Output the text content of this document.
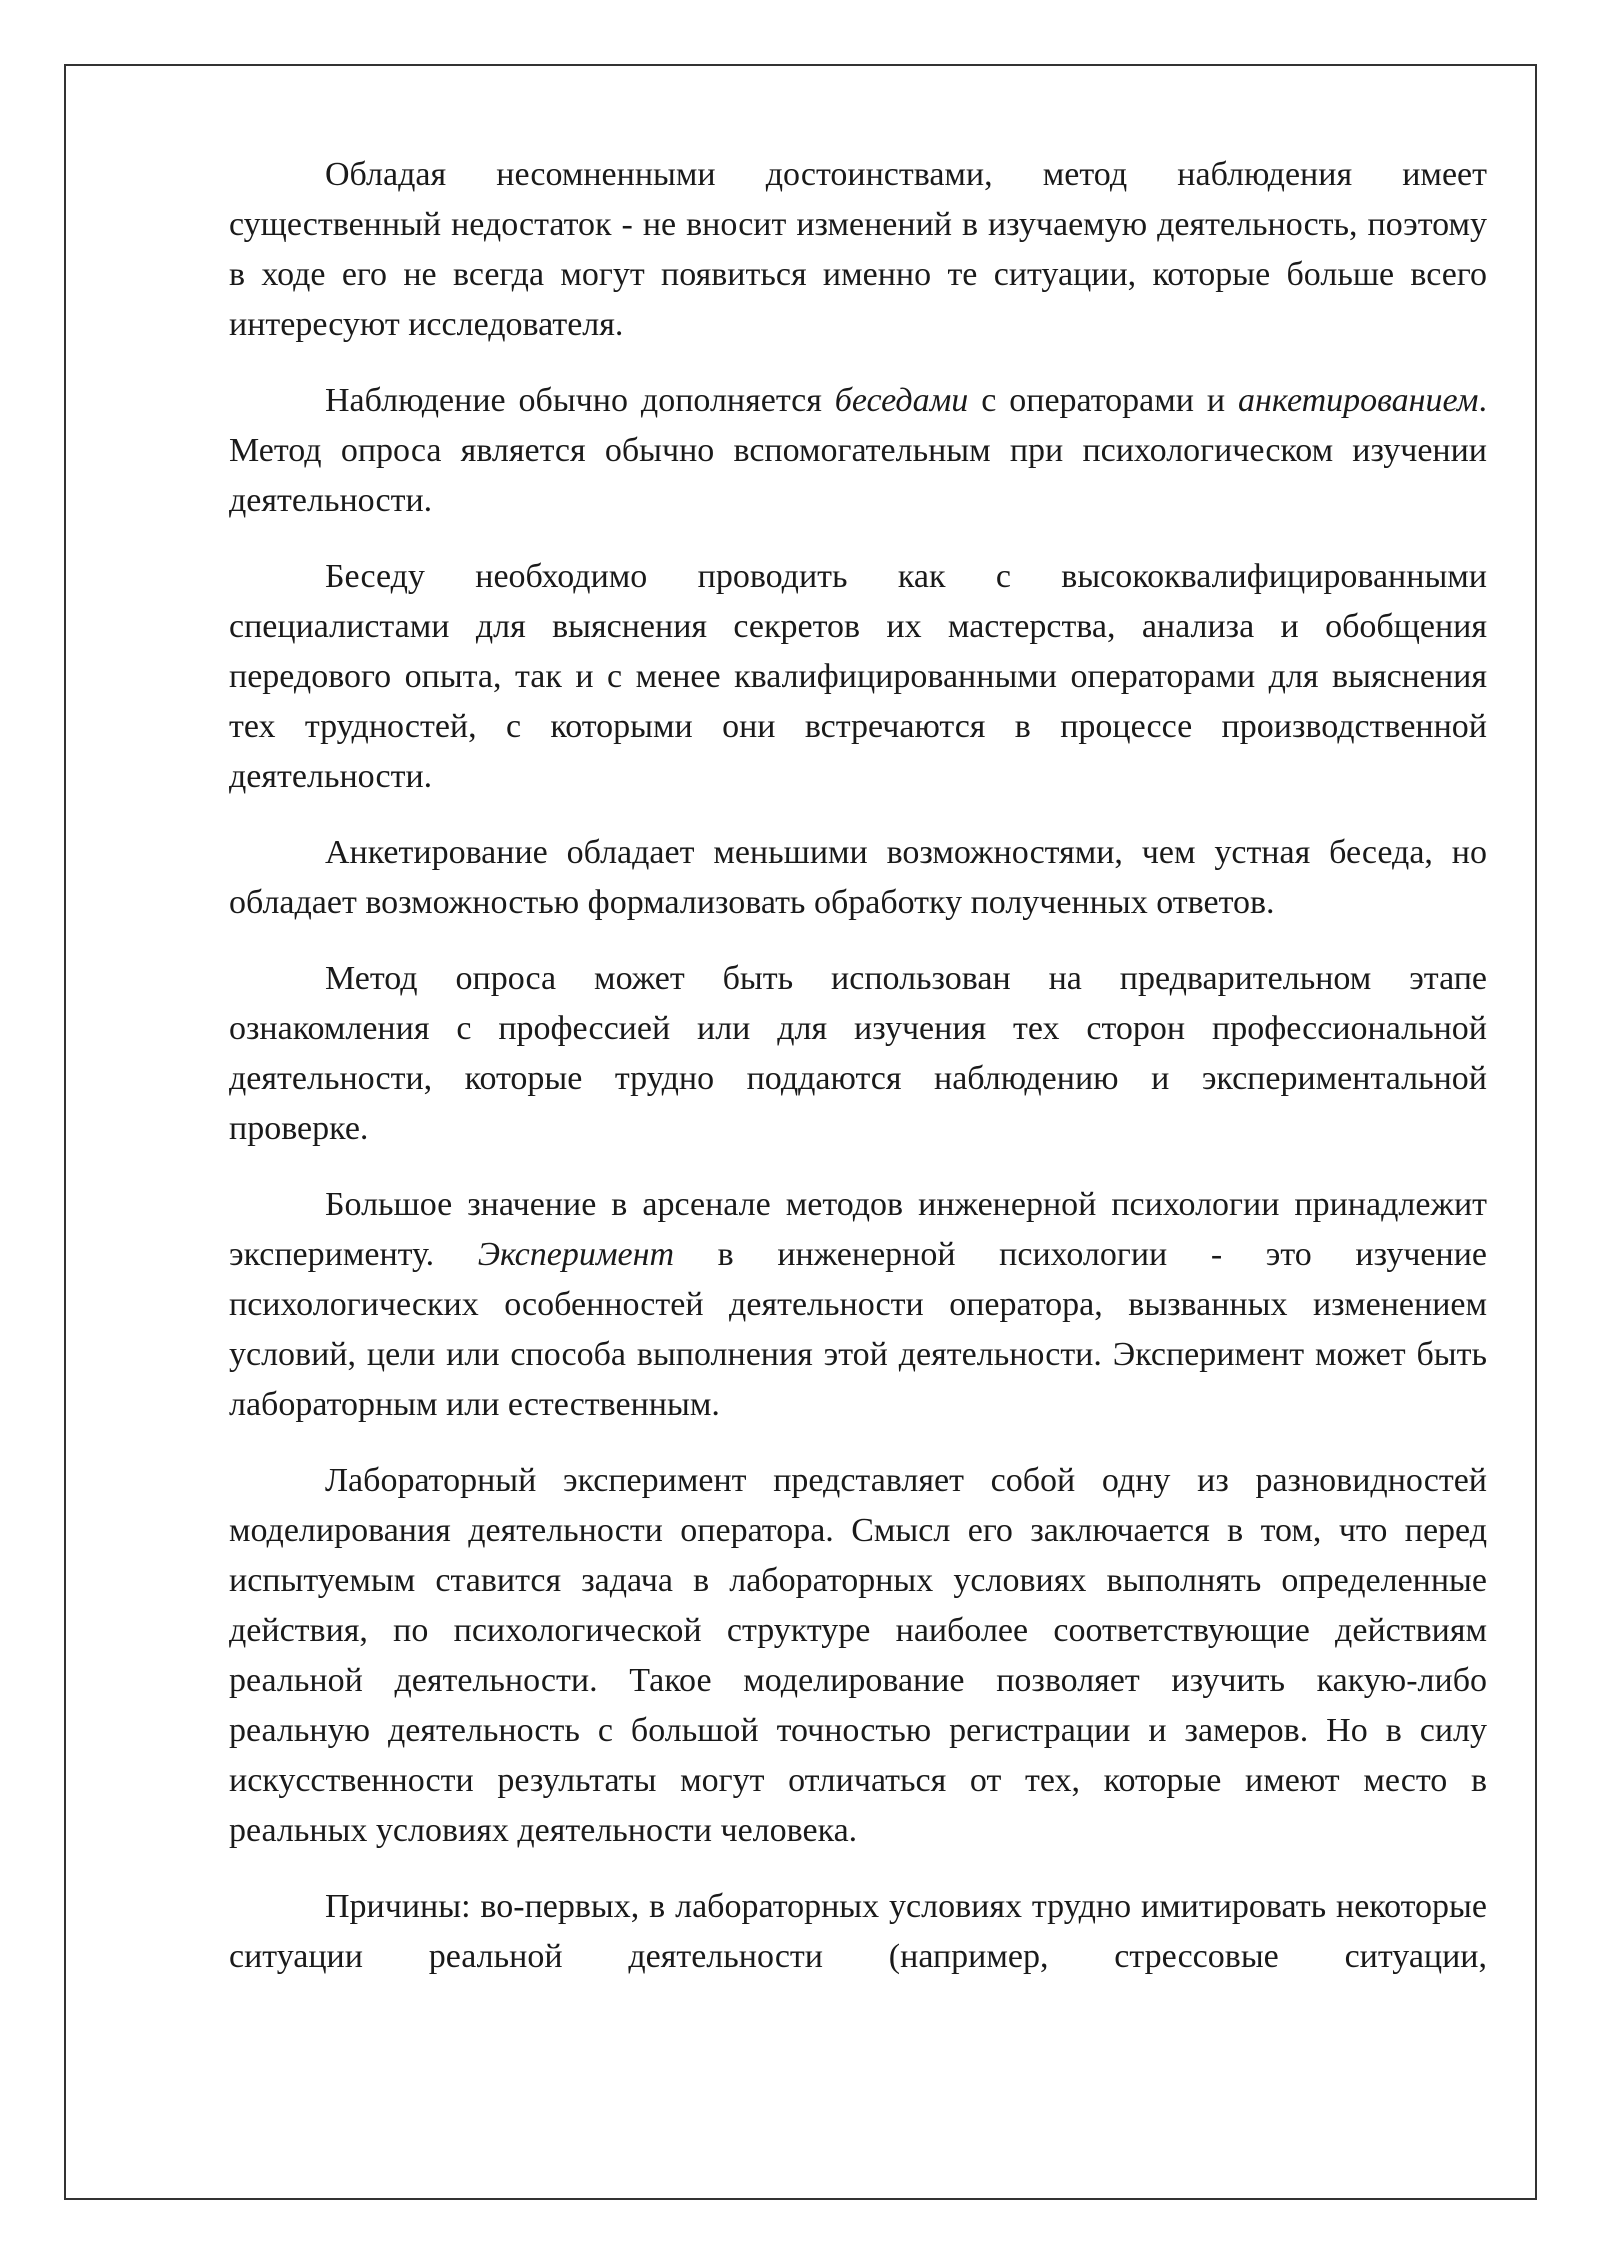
Обладая несомненными достоинствами, метод наблюдения имеет существенный недостаток - не вносит изменений в изучаемую деятельность, поэтому в ходе его не всегда могут появиться именно те ситуации, которые больше всего интересуют исследователя.

Наблюдение обычно дополняется беседами с операторами и анкетированием. Метод опроса является обычно вспомогательным при психологическом изучении деятельности.

Беседу необходимо проводить как с высококвалифицированными специалистами для выяснения секретов их мастерства, анализа и обобщения передового опыта, так и с менее квалифицированными операторами для выяснения тех трудностей, с которыми они встречаются в процессе производственной деятельности.

Анкетирование обладает меньшими возможностями, чем устная беседа, но обладает возможностью формализовать обработку полученных ответов.

Метод опроса может быть использован на предварительном этапе ознакомления с профессией или для изучения тех сторон профессиональной деятельности, которые трудно поддаются наблюдению и экспериментальной проверке.

Большое значение в арсенале методов инженерной психологии принадлежит эксперименту. Эксперимент в инженерной психологии - это изучение психологических особенностей деятельности оператора, вызванных изменением условий, цели или способа выполнения этой деятельности. Эксперимент может быть лабораторным или естественным.

Лабораторный эксперимент представляет собой одну из разновидностей моделирования деятельности оператора. Смысл его заключается в том, что перед испытуемым ставится задача в лабораторных условиях выполнять определенные действия, по психологической структуре наиболее соответствующие действиям реальной деятельности. Такое моделирование позволяет изучить какую-либо реальную деятельность с большой точностью регистрации и замеров. Но в силу искусственности результаты могут отличаться от тех, которые имеют место в реальных условиях деятельности человека.

Причины: во-первых, в лабораторных условиях трудно имитировать некоторые ситуации реальной деятельности (например, стрессовые ситуации,
